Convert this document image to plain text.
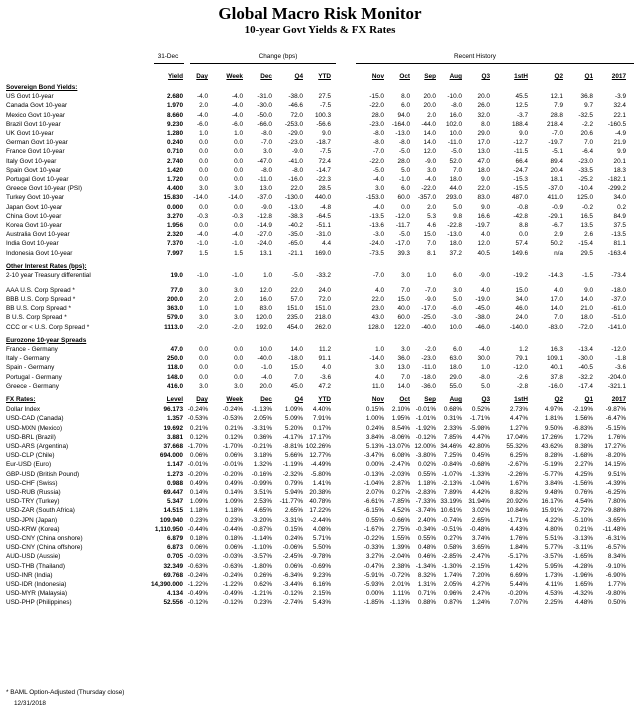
Global Macro Risk Monitor
10-year Govt Yields & FX Rates
31-Dec	Change (bps)	Recent History
Yield	Day	Week	Dec	Q4	YTD	Nov	Oct	Sep	Aug	Q3	1stH	Q2	Q1	2017
Sovereign Bond Yields:
US Govt 10-year	2.680	-4.0	-4.0	-31.0	-38.0	27.5	-15.0	8.0	20.0	-10.0	20.0	45.5	12.1	36.8	-3.9
Canada Govt 10-year	1.970	2.0	-4.0	-30.0	-46.6	-7.5	-22.0	6.0	20.0	-8.0	26.0	12.5	7.9	9.7	32.4
Mexico Govt 10-year	8.660	-4.0	-4.0	-50.0	72.0	100.3	28.0	94.0	2.0	16.0	32.0	-3.7	28.8	-32.5	22.1
Brazil Govt 10-year	9.230	-6.0	-6.0	-66.0	-253.0	-56.6	-23.0	-164.0	-44.0	102.0	8.0	188.4	218.4	-2.2	-160.5
UK Govt 10-year	1.280	1.0	1.0	-8.0	-29.0	9.0	-8.0	-13.0	14.0	10.0	29.0	9.0	-7.0	20.6	-4.9
German Govt 10-year	0.240	0.0	0.0	-7.0	-23.0	-18.7	-8.0	-8.0	14.0	-11.0	17.0	-12.7	-19.7	7.0	21.9
France Govt 10-year	0.710	0.0	0.0	3.0	-9.0	-7.5	-7.0	-5.0	12.0	-5.0	13.0	-11.5	-5.1	-6.4	9.9
Italy Govt 10-year	2.740	0.0	0.0	-47.0	-41.0	72.4	-22.0	28.0	-9.0	52.0	47.0	66.4	89.4	-23.0	20.1
Spain Govt 10-year	1.420	0.0	0.0	-8.0	-8.0	-14.7	-5.0	5.0	3.0	7.0	18.0	-24.7	20.4	-33.5	18.3
Portugal Govt 10-year	1.720	0.0	0.0	-11.0	-16.0	-22.3	-4.0	-1.0	-4.0	18.0	9.0	-15.3	18.1	-25.2	-182.1
Greece Govt 10-year (PSI)	4.400	3.0	3.0	13.0	22.0	28.5	3.0	6.0	-22.0	44.0	22.0	-15.5	-37.0	-10.4	-299.2
Turkey Govt 10-year	15.830	-14.0	-14.0	-37.0	-130.0	440.0	-153.0	60.0	-357.0	293.0	83.0	487.0	411.0	125.0	34.0
Japan Govt 10-year	0.000	0.0	0.0	-9.0	-13.0	-4.8	-4.0	0.0	2.0	5.0	9.0	-0.8	-0.9	-0.2	0.2
China Govt 10-year	3.270	-0.3	-0.3	-12.8	-38.3	-64.5	-13.5	-12.0	5.3	9.8	16.6	-42.8	-29.1	16.5	84.9
Korea Govt 10-year	1.956	0.0	0.0	-14.9	-40.2	-51.1	-13.6	-11.7	4.6	-22.8	-19.7	8.8	-6.7	13.5	37.5
Australia Govt 10-year	2.320	-4.0	-4.0	-27.0	-35.0	-31.0	-3.0	-5.0	15.0	-13.0	4.0	0.0	2.9	2.6	-13.5
India Govt 10-year	7.370	-1.0	-1.0	-24.0	-65.0	4.4	-24.0	-17.0	7.0	18.0	12.0	57.4	50.2	-15.4	81.1
Indonesia Govt 10-year	7.997	1.5	1.5	13.1	-21.1	169.0	-73.5	39.3	8.1	37.2	40.5	149.6	n/a	29.5	-163.4
Other Interest Rates (bps):
2-10 year Treasury differential	19.0	-1.0	-1.0	1.0	-5.0	-33.2	-7.0	3.0	1.0	6.0	-9.0	-19.2	-14.3	-1.5	-73.4
AAA U.S. Corp Spread *	77.0	3.0	3.0	12.0	22.0	24.0	4.0	7.0	-7.0	3.0	4.0	15.0	4.0	9.0	-18.0
BBB U.S. Corp Spread *	200.0	2.0	2.0	16.0	57.0	72.0	22.0	15.0	-9.0	5.0	-19.0	34.0	17.0	14.0	-37.0
BB U.S. Corp Spread *	363.0	1.0	1.0	83.0	151.0	151.0	23.0	40.0	-17.0	-6.0	-45.0	46.0	14.0	21.0	-61.0
B U.S. Corp Spread *	579.0	3.0	3.0	120.0	235.0	218.0	43.0	60.0	-25.0	-3.0	-38.0	24.0	7.0	18.0	-51.0
CCC or < U.S. Corp Spread *	1113.0	-2.0	-2.0	192.0	454.0	262.0	128.0	122.0	-40.0	10.0	-46.0	-140.0	-83.0	-72.0	-141.0
Eurozone 10-year Spreads
France - Germany	47.0	0.0	0.0	10.0	14.0	11.2	1.0	3.0	-2.0	6.0	-4.0	1.2	16.3	-13.4	-12.0
Italy - Germany	250.0	0.0	0.0	-40.0	-18.0	91.1	-14.0	36.0	-23.0	63.0	30.0	79.1	109.1	-30.0	-1.8
Spain - Germany	118.0	0.0	0.0	-1.0	15.0	4.0	3.0	13.0	-11.0	18.0	1.0	-12.0	40.1	-40.5	-3.6
Portugal - Germany	148.0	0.0	0.0	-4.0	7.0	-3.6	4.0	7.0	-18.0	29.0	-8.0	-2.6	37.8	-32.2	-204.0
Greece - Germany	416.0	3.0	3.0	20.0	45.0	47.2	11.0	14.0	-36.0	55.0	5.0	-2.8	-16.0	-17.4	-321.1
FX Rates:	Level	Day	Week	Dec	Q4	YTD	Nov	Oct	Sep	Aug	Q3	1stH	Q2	Q1	2017
Dollar Index	96.173 -0.24%	-0.24%	-1.13%	1.09%	4.40%	0.15%	2.10% -0.01%	0.68%	0.52%	2.73%	4.97%	-2.19%	-9.87%
USD-CAD (Canada)	1.357 -0.53%	-0.53%	2.05%	5.09%	7.91%	1.00%	1.95% -1.01%	0.31%	-1.71%	4.47%	1.81%	1.56%	-6.47%
USD-MXN (Mexico)	19.692	0.21%	0.21%	-3.31%	5.20%	0.17%	0.24%	8.54% -1.92%	2.33%	-5.98%	1.27%	9.50%	-6.83%	-5.15%
USD-BRL (Brazil)	3.881	0.12%	0.12%	0.36%	-4.17% 17.17%	3.84% -8.06% -0.12%	7.85%	4.47%	17.04%	17.26%	1.72%	1.76%
USD-ARS (Argentina)	37.668 -1.70%	-1.70%	-0.21%	-8.81% 102.26%	5.13% -13.07% 12.00% 34.46% 42.80%	55.32%	43.62%	8.38%	17.27%
USD-CLP (Chile)	694.000	0.06%	0.06%	3.18%	5.66% 12.77%	-3.47%	6.08% -3.80%	7.25%	0.45%	6.25%	8.28%	-1.68%	-8.20%
Eur-USD (Euro)	1.147 -0.01%	-0.01%	1.32%	-1.19%	-4.49%	0.00% -2.47%	0.02% -0.84%	-0.68%	-2.67%	-5.19%	2.27%	14.15%
GBP-USD (British Pound)	1.273 -0.20%	-0.20%	-0.16%	-2.32%	-5.80%	-0.13% -2.03%	0.55% -1.07%	-1.33%	-2.26%	-5.77%	4.25%	9.51%
USD-CHF (Swiss)	0.988	0.49%	0.49%	-0.99%	0.79%	1.41%	-1.04%	2.87%	1.18% -2.13%	-1.04%	1.67%	3.84%	-1.56%	-4.39%
USD-RUB (Russia)	69.447	0.14%	0.14%	3.51%	5.94% 20.38%	2.07%	0.27% -2.83%	7.89%	4.42%	8.82%	9.48%	0.76%	-6.25%
USD-TRY (Turkey)	5.347	1.09%	1.09%	2.53%	-11.77% 40.78%	-6.61% -7.85% -7.33% 33.19% 31.94%	20.92%	16.17%	4.54%	7.80%
USD-ZAR (South Africa)	14.515	1.18%	1.18%	4.65%	2.65% 17.22%	-6.15%	4.52% -3.74% 10.61%	3.02%	10.84%	15.91%	-2.72%	-9.88%
USD-JPN (Japan)	109.940	0.23%	0.23%	-3.20%	-3.31%	-2.44%	0.55% -0.66%	2.40% -0.74%	2.65%	-1.71%	4.22%	-5.10%	-3.65%
USD-KRW (Korea)	1,110.950 -0.44%	-0.44%	-0.87%	0.15%	4.08%	-1.67%	2.75% -0.34% -0.51%	-0.48%	4.43%	4.80%	0.21%	-11.48%
USD-CNY (China onshore)	6.879	0.18%	0.18%	-1.14%	0.24%	5.71%	-0.22%	1.55%	0.55%	0.27%	3.74%	1.76%	5.51%	-3.13%	-6.31%
USD-CNY (China offshore)	6.873	0.06%	0.06%	-1.10%	-0.06%	5.50%	-0.33%	1.39%	0.48%	0.58%	3.65%	1.84%	5.77%	-3.11%	-6.57%
AUD-USD (Aussie)	0.705 -0.03%	-0.03%	-3.57%	-2.45%	-9.78%	3.27% -2.04%	0.46% -2.85%	-2.47%	-5.17%	-3.57%	-1.65%	8.34%
USD-THB (Thailand)	32.349 -0.63%	-0.63%	-1.80%	0.06%	-0.69%	-0.47%	2.38% -1.34% -1.30%	-2.15%	1.42%	5.95%	-4.28%	-9.10%
USD-INR (India)	69.768 -0.24%	-0.24%	0.26%	-6.34%	9.23%	-5.91% -0.72%	8.32%	1.74%	7.20%	6.69%	1.73%	-1.96%	-6.90%
USD-IDR (Indonesia)	14,390.000 -1.22%	-1.22%	0.62%	-3.44%	6.16%	-5.93%	2.01%	1.31%	2.05%	4.27%	5.44%	4.11%	1.65%	1.77%
USD-MYR (Malaysia)	4.134 -0.49%	-0.49%	-1.21%	-0.12%	2.15%	0.00%	1.11%	0.71%	0.96%	2.47%	-0.20%	4.53%	-4.32%	-9.80%
USD-PHP (Philippines)	52.556 -0.12%	-0.12%	0.23%	-2.74%	5.43%	-1.85% -1.13%	0.88%	0.87%	1.24%	7.07%	2.25%	4.48%	0.50%
* BAML Option-Adjusted (Thursday close)
12/31/2018
